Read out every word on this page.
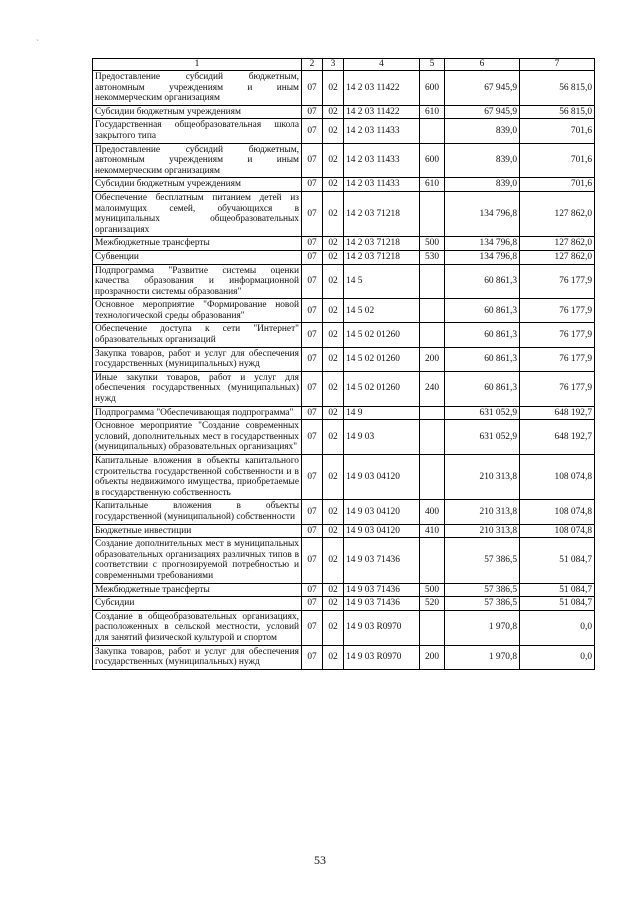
`
1	2	3	4	5	6	7
Предоставление субсидий бюджетным, автономным учреждениям и иным некоммерческим организациям	07	02	14 2 03 11422	600	67 945,9	56 815,0
Субсидии бюджетным учреждениям	07	02	14 2 03 11422	610	67 945,9	56 815,0
Государственная общеобразовательная школа закрытого типа	07	02	14 2 03 11433		839,0	701,6
Предоставление субсидий бюджетным, автономным учреждениям и иным некоммерческим организациям	07	02	14 2 03 11433	600	839,0	701,6
Субсидии бюджетным учреждениям	07	02	14 2 03 11433	610	839,0	701,6
Обеспечение бесплатным питанием детей из малоимущих семей, обучающихся в муниципальных общеобразовательных организациях	07	02	14 2 03 71218		134 796,8	127 862,0
Межбюджетные трансферты	07	02	14 2 03 71218	500	134 796,8	127 862,0
Субвенции	07	02	14 2 03 71218	530	134 796,8	127 862,0
Подпрограмма "Развитие системы оценки качества образования и информационной прозрачности системы образования"	07	02	14 5		60 861,3	76 177,9
Основное мероприятие "Формирование новой технологической среды образования"	07	02	14 5 02		60 861,3	76 177,9
Обеспечение доступа к сети "Интернет" образовательных организаций	07	02	14 5 02 01260		60 861,3	76 177,9
Закупка товаров, работ и услуг для обеспечения государственных (муниципальных) нужд	07	02	14 5 02 01260	200	60 861,3	76 177,9
Иные закупки товаров, работ и услуг для обеспечения государственных (муниципальных) нужд	07	02	14 5 02 01260	240	60 861,3	76 177,9
Подпрограмма "Обеспечивающая подпрограмма"	07	02	14 9		631 052,9	648 192,7
Основное мероприятие "Создание современных условий, дополнительных мест в государственных (муниципальных) образовательных организациях"	07	02	14 9 03		631 052,9	648 192,7
Капитальные вложения в объекты капитального строительства государственной собственности и в объекты недвижимого имущества, приобретаемые в государственную собственность	07	02	14 9 03 04120		210 313,8	108 074,8
Капитальные вложения в объекты государственной (муниципальной) собственности	07	02	14 9 03 04120	400	210 313,8	108 074,8
Бюджетные инвестиции	07	02	14 9 03 04120	410	210 313,8	108 074,8
Создание дополнительных мест в муниципальных образовательных организациях различных типов в соответствии с прогнозируемой потребностью и современными требованиями	07	02	14 9 03 71436		57 386,5	51 084,7
Межбюджетные трансферты	07	02	14 9 03 71436	500	57 386,5	51 084,7
Субсидии	07	02	14 9 03 71436	520	57 386,5	51 084,7
Создание в общеобразовательных организациях, расположенных в сельской местности, условий для занятий физической культурой и спортом	07	02	14 9 03 R0970		1 970,8	0,0
Закупка товаров, работ и услуг для обеспечения государственных (муниципальных) нужд	07	02	14 9 03 R0970	200	1 970,8	0,0
53
